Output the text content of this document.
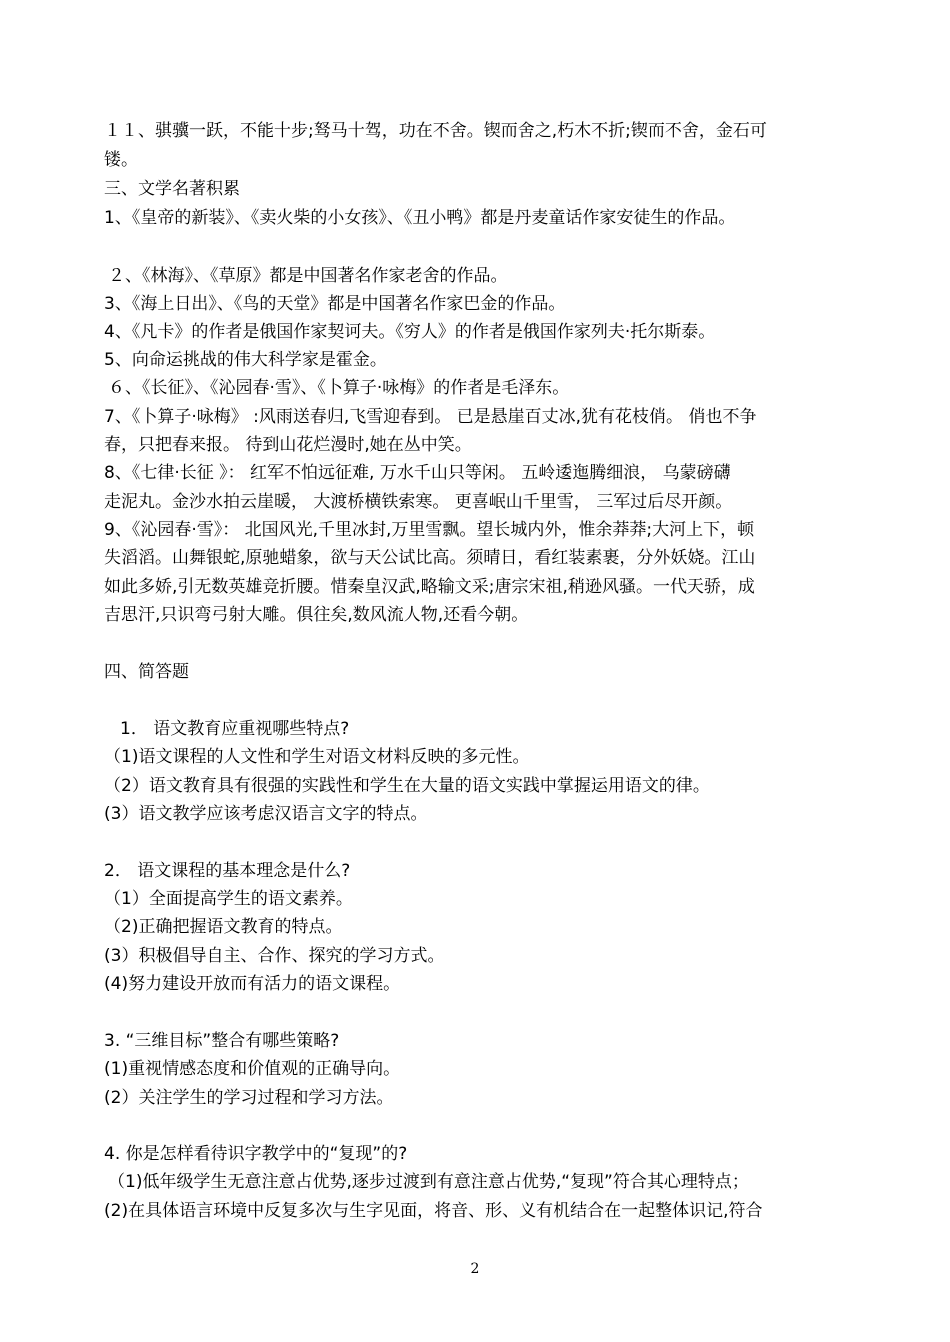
１１、骐骥一跃，不能十步;驽马十驾，功在不舍。锲而舍之,朽木不折;锲而不舍，金石可
镂。
三、文学名著积累
1、《皇帝的新装》、《卖火柴的小女孩》、《丑小鸭》都是丹麦童话作家安徒生的作品。
２、《林海》、《草原》都是中国著名作家老舍的作品。
3、《海上日出》、《鸟的天堂》都是中国著名作家巴金的作品。
4、《凡卡》的作者是俄国作家契诃夫。《穷人》的作者是俄国作家列夫·托尔斯泰。
5、向命运挑战的伟大科学家是霍金。
６、《长征》、《沁园春·雪》、《卜算子·咏梅》的作者是毛泽东。
7、《卜算子·咏梅》 :风雨送春归,飞雪迎春到。 已是悬崖百丈冰,犹有花枝俏。 俏也不争
春，只把春来报。 待到山花烂漫时,她在丛中笑。
8、《七律·长征 》： 红军不怕远征难, 万水千山只等闲。 五岭逶迤腾细浪， 乌蒙磅礴
走泥丸。金沙水拍云崖暖， 大渡桥横铁索寒。 更喜岷山千里雪， 三军过后尽开颜。
9、《沁园春·雪》： 北国风光,千里冰封,万里雪飘。望长城内外，惟余莽莽;大河上下，顿
失滔滔。山舞银蛇,原驰蜡象，欲与天公试比高。须晴日，看红装素裹，分外妖娆。江山
如此多娇,引无数英雄竞折腰。惜秦皇汉武,略输文采;唐宗宋祖,稍逊风骚。一代天骄，成
吉思汗,只识弯弓射大雕。俱往矣,数风流人物,还看今朝。
四、简答题
1． 语文教育应重视哪些特点?
（1)语文课程的人文性和学生对语文材料反映的多元性。
（2）语文教育具有很强的实践性和学生在大量的语文实践中掌握运用语文的律。
(3）语文教学应该考虑汉语言文字的特点。
2． 语文课程的基本理念是什么?
（1）全面提高学生的语文素养。
（2)正确把握语文教育的特点。
(3）积极倡导自主、合作、探究的学习方式。
(4)努力建设开放而有活力的语文课程。
3. “三维目标”整合有哪些策略?
(1)重视情感态度和价值观的正确导向。
(2）关注学生的学习过程和学习方法。
4. 你是怎样看待识字教学中的“复现”的?
（1)低年级学生无意注意占优势,逐步过渡到有意注意占优势,“复现”符合其心理特点；
(2)在具体语言环境中反复多次与生字见面，将音、形、义有机结合在一起整体识记,符合
2
